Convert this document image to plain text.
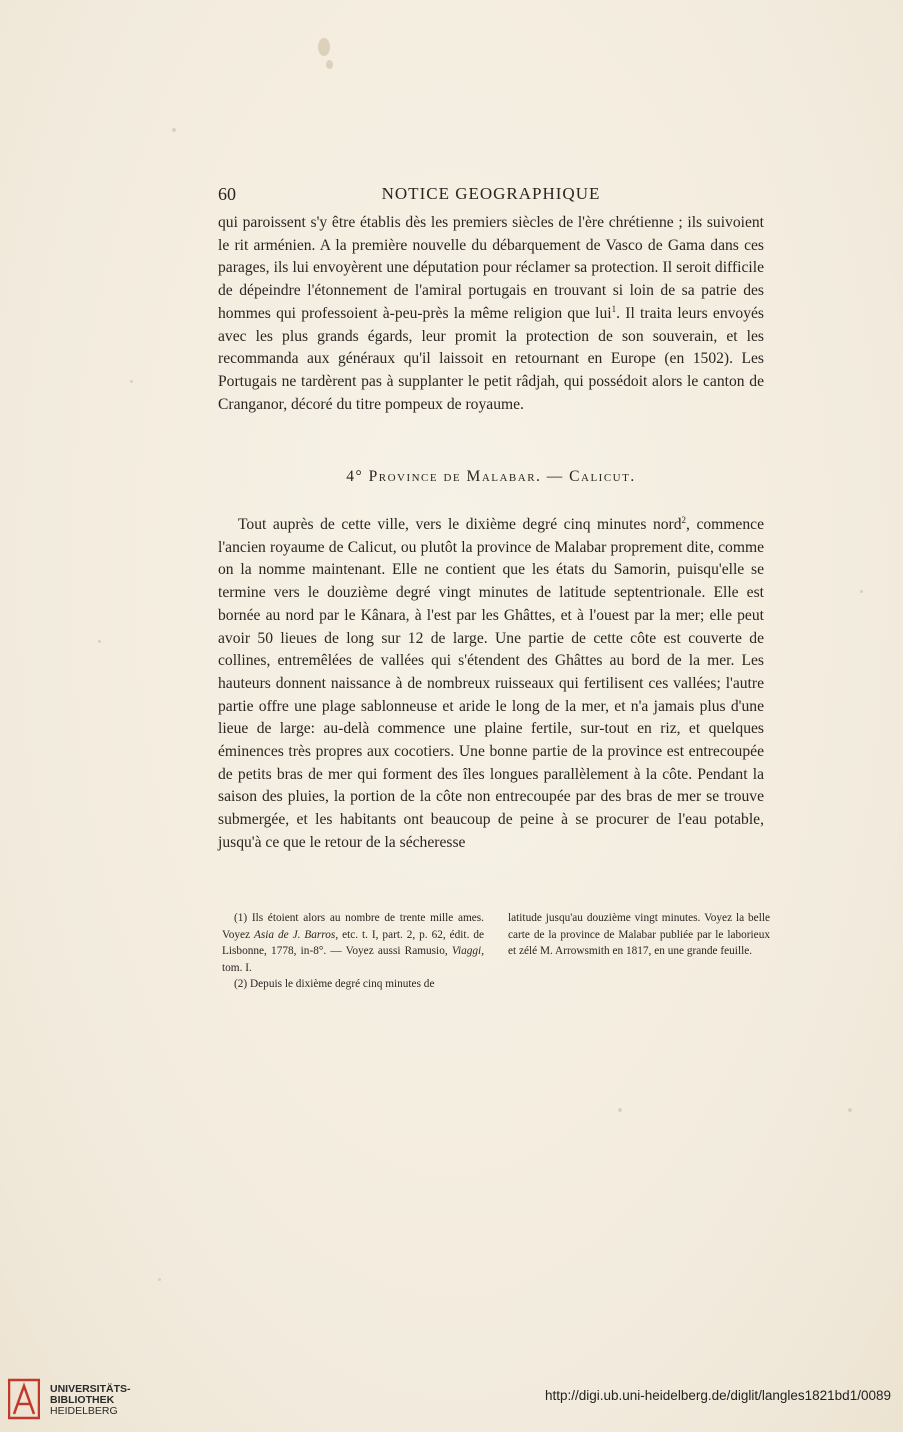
60	NOTICE GEOGRAPHIQUE
qui paroissent s'y être établis dès les premiers siècles de l'ère chrétienne ; ils suivoient le rit arménien. A la première nouvelle du débarquement de Vasco de Gama dans ces parages, ils lui envoyèrent une députation pour réclamer sa protection. Il seroit difficile de dépeindre l'étonnement de l'amiral portugais en trouvant si loin de sa patrie des hommes qui professoient à-peu-près la même religion que lui$^1$. Il traita leurs envoyés avec les plus grands égards, leur promit la protection de son souverain, et les recommanda aux généraux qu'il laissoit en retournant en Europe (en 1502). Les Portugais ne tardèrent pas à supplanter le petit râdjah, qui possédoit alors le canton de Cranganor, décoré du titre pompeux de royaume.
4° Province de Malabar. — Calicut.
Tout auprès de cette ville, vers le dixième degré cinq minutes nord$^2$, commence l'ancien royaume de Calicut, ou plutôt la province de Malabar proprement dite, comme on la nomme maintenant. Elle ne contient que les états du Samorin, puisqu'elle se termine vers le douzième degré vingt minutes de latitude septentrionale. Elle est bornée au nord par le Kânara, à l'est par les Ghâttes, et à l'ouest par la mer; elle peut avoir 50 lieues de long sur 12 de large. Une partie de cette côte est couverte de collines, entremêlées de vallées qui s'étendent des Ghâttes au bord de la mer. Les hauteurs donnent naissance à de nombreux ruisseaux qui fertilisent ces vallées; l'autre partie offre une plage sablonneuse et aride le long de la mer, et n'a jamais plus d'une lieue de large: au-delà commence une plaine fertile, sur-tout en riz, et quelques éminences très propres aux cocotiers. Une bonne partie de la province est entrecoupée de petits bras de mer qui forment des îles longues parallèlement à la côte. Pendant la saison des pluies, la portion de la côte non entrecoupée par des bras de mer se trouve submergée, et les habitants ont beaucoup de peine à se procurer de l'eau potable, jusqu'à ce que le retour de la sécheresse

(1) Ils étoient alors au nombre de trente mille ames. Voyez Asia de J. Barros, etc. t. I, part. 2, p. 62, édit. de Lisbonne, 1778, in-8°. — Voyez aussi Ramusio, Viaggi, tom. I.

(2) Depuis le dixième degré cinq minutes de

latitude jusqu'au douzième vingt minutes. Voyez la belle carte de la province de Malabar publiée par le laborieux et zélé M. Arrowsmith en 1817, en une grande feuille.

UNIVERSITÄTS-
BIBLIOTHEK
HEIDELBERG
http://digi.ub.uni-heidelberg.de/diglit/langles1821bd1/0089
